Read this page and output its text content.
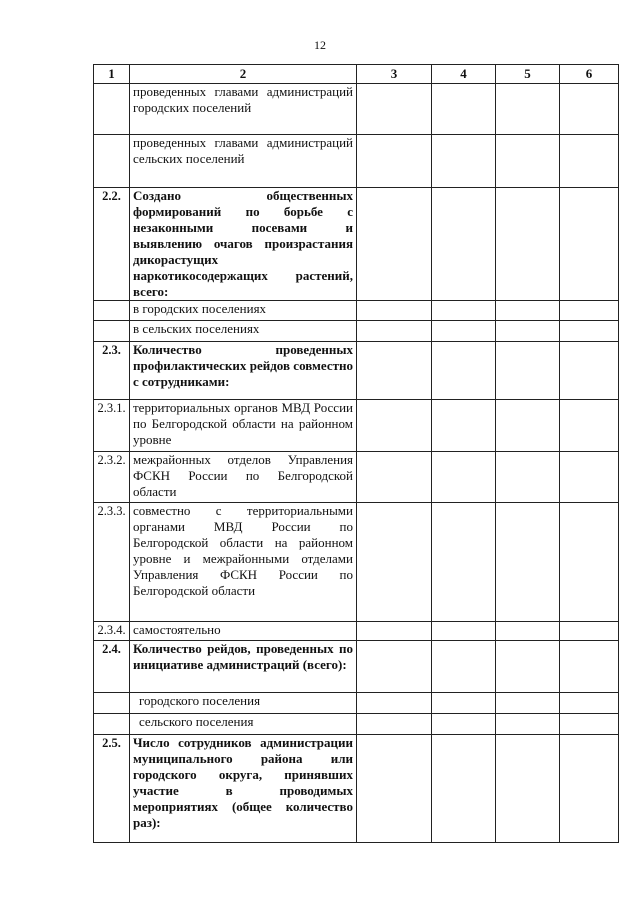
12
1	2	3	4	5	6
	проведенных главами администраций городских поселений				
	проведенных главами администраций сельских поселений				
2.2.	Создано общественных формирований по борьбе с незаконными посевами и выявлению очагов произрастания дикорастущих наркотикосодержащих растений, всего:				
	в городских поселениях				
	в сельских поселениях				
2.3.	Количество проведенных профилактических рейдов совместно с сотрудниками:				
2.3.1.	территориальных органов МВД России по Белгородской области на районном уровне				
2.3.2.	межрайонных отделов Управления ФСКН России по Белгородской области				
2.3.3.	совместно с территориальными органами МВД России по Белгородской области на районном уровне и межрайонными отделами Управления ФСКН России по Белгородской области				
2.3.4.	самостоятельно				
2.4.	Количество рейдов, проведенных по инициативе администраций (всего):				
	городского поселения				
	сельского поселения				
2.5.	Число сотрудников администрации муниципального района или городского округа, принявших участие в проводимых мероприятиях (общее количество раз):				
